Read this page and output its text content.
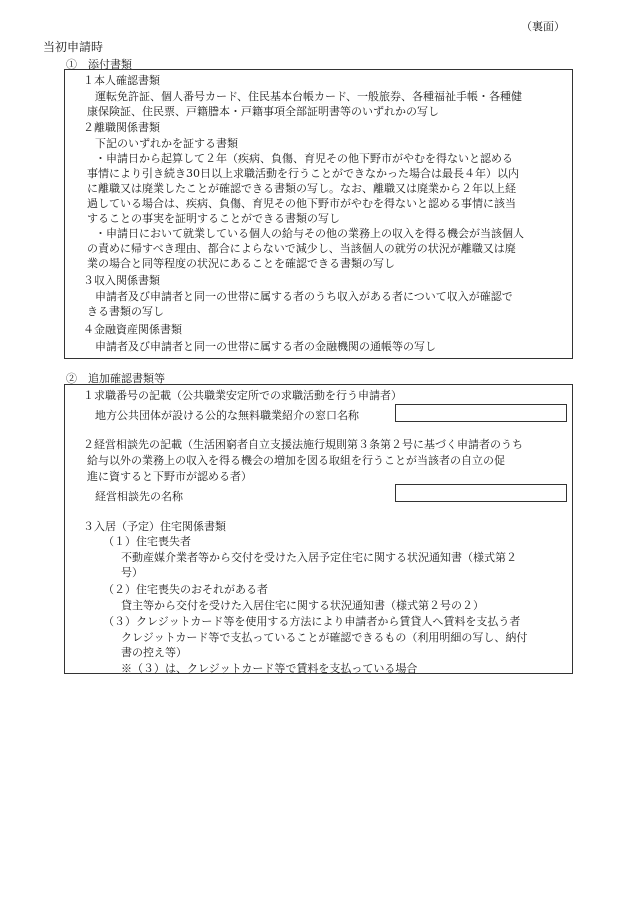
（裏面）
当初申請時
①　添付書類
１本人確認書類
運転免許証、個人番号カード、住民基本台帳カード、一般旅券、各種福祉手帳・各種健
康保険証、住民票、戸籍謄本・戸籍事項全部証明書等のいずれかの写し
２離職関係書類
下記のいずれかを証する書類
・申請日から起算して２年（疾病、負傷、育児その他下野市がやむを得ないと認める
事情により引き続き30日以上求職活動を行うことができなかった場合は最長４年）以内
に離職又は廃業したことが確認できる書類の写し。なお、離職又は廃業から２年以上経
過している場合は、疾病、負傷、育児その他下野市がやむを得ないと認める事情に該当
することの事実を証明することができる書類の写し
・申請日において就業している個人の給与その他の業務上の収入を得る機会が当該個人
の責めに帰すべき理由、都合によらないで減少し、当該個人の就労の状況が離職又は廃
業の場合と同等程度の状況にあることを確認できる書類の写し
３収入関係書類
申請者及び申請者と同一の世帯に属する者のうち収入がある者について収入が確認で
きる書類の写し
４金融資産関係書類
申請者及び申請者と同一の世帯に属する者の金融機関の通帳等の写し
②　追加確認書類等
１求職番号の記載（公共職業安定所での求職活動を行う申請者）
地方公共団体が設ける公的な無料職業紹介の窓口名称
２経営相談先の記載（生活困窮者自立支援法施行規則第３条第２号に基づく申請者のうち
給与以外の業務上の収入を得る機会の増加を図る取組を行うことが当該者の自立の促
進に資すると下野市が認める者）
経営相談先の名称
３入居（予定）住宅関係書類
（１）住宅喪失者
不動産媒介業者等から交付を受けた入居予定住宅に関する状況通知書（様式第２
号）
（２）住宅喪失のおそれがある者
貸主等から交付を受けた入居住宅に関する状況通知書（様式第２号の２）
（３）クレジットカード等を使用する方法により申請者から賃貸人へ賃料を支払う者
クレジットカード等で支払っていることが確認できるもの（利用明細の写し、納付
書の控え等）
※（３）は、クレジットカード等で賃料を支払っている場合
